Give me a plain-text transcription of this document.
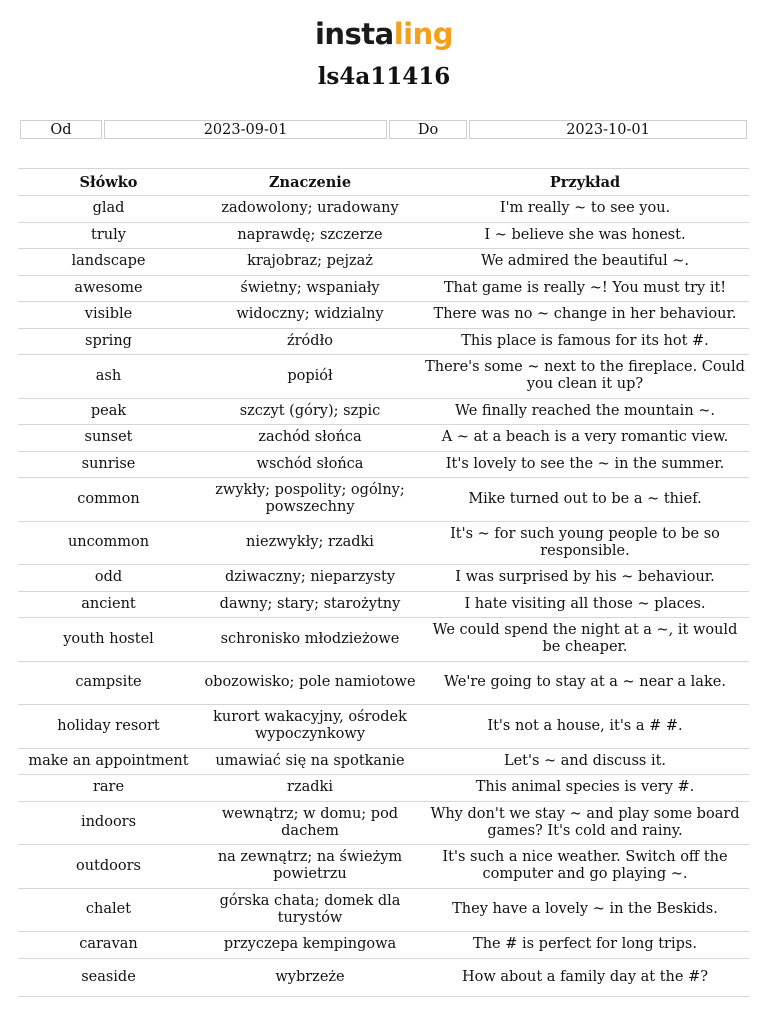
instaling
ls4a11416
Od	2023-09-01	Do	2023-10-01
Słówko	Znaczenie	Przykład
glad	zadowolony; uradowany	I'm really ~ to see you.
truly	naprawdę; szczerze	I ~ believe she was honest.
landscape	krajobraz; pejzaż	We admired the beautiful ~.
awesome	świetny; wspaniały	That game is really ~! You must try it!
visible	widoczny; widzialny	There was no ~ change in her behaviour.
spring	źródło	This place is famous for its hot #.
ash	popiół	There's some ~ next to the fireplace. Could you clean it up?
peak	szczyt (góry); szpic	We finally reached the mountain ~.
sunset	zachód słońca	A ~ at a beach is a very romantic view.
sunrise	wschód słońca	It's lovely to see the ~ in the summer.
common	zwykły; pospolity; ogólny; powszechny	Mike turned out to be a ~ thief.
uncommon	niezwykły; rzadki	It's ~ for such young people to be so responsible.
odd	dziwaczny; nieparzysty	I was surprised by his ~ behaviour.
ancient	dawny; stary; starożytny	I hate visiting all those ~ places.
youth hostel	schronisko młodzieżowe	We could spend the night at a ~, it would be cheaper.
campsite	obozowisko; pole namiotowe	We're going to stay at a ~ near a lake.
holiday resort	kurort wakacyjny, ośrodek wypoczynkowy	It's not a house, it's a # #.
make an appointment	umawiać się na spotkanie	Let's ~ and discuss it.
rare	rzadki	This animal species is very #.
indoors	wewnątrz; w domu; pod dachem	Why don't we stay ~ and play some board games? It's cold and rainy.
outdoors	na zewnątrz; na świeżym powietrzu	It's such a nice weather. Switch off the computer and go playing ~.
chalet	górska chata; domek dla turystów	They have a lovely ~ in the Beskids.
caravan	przyczepa kempingowa	The # is perfect for long trips.
seaside	wybrzeże	How about a family day at the #?
